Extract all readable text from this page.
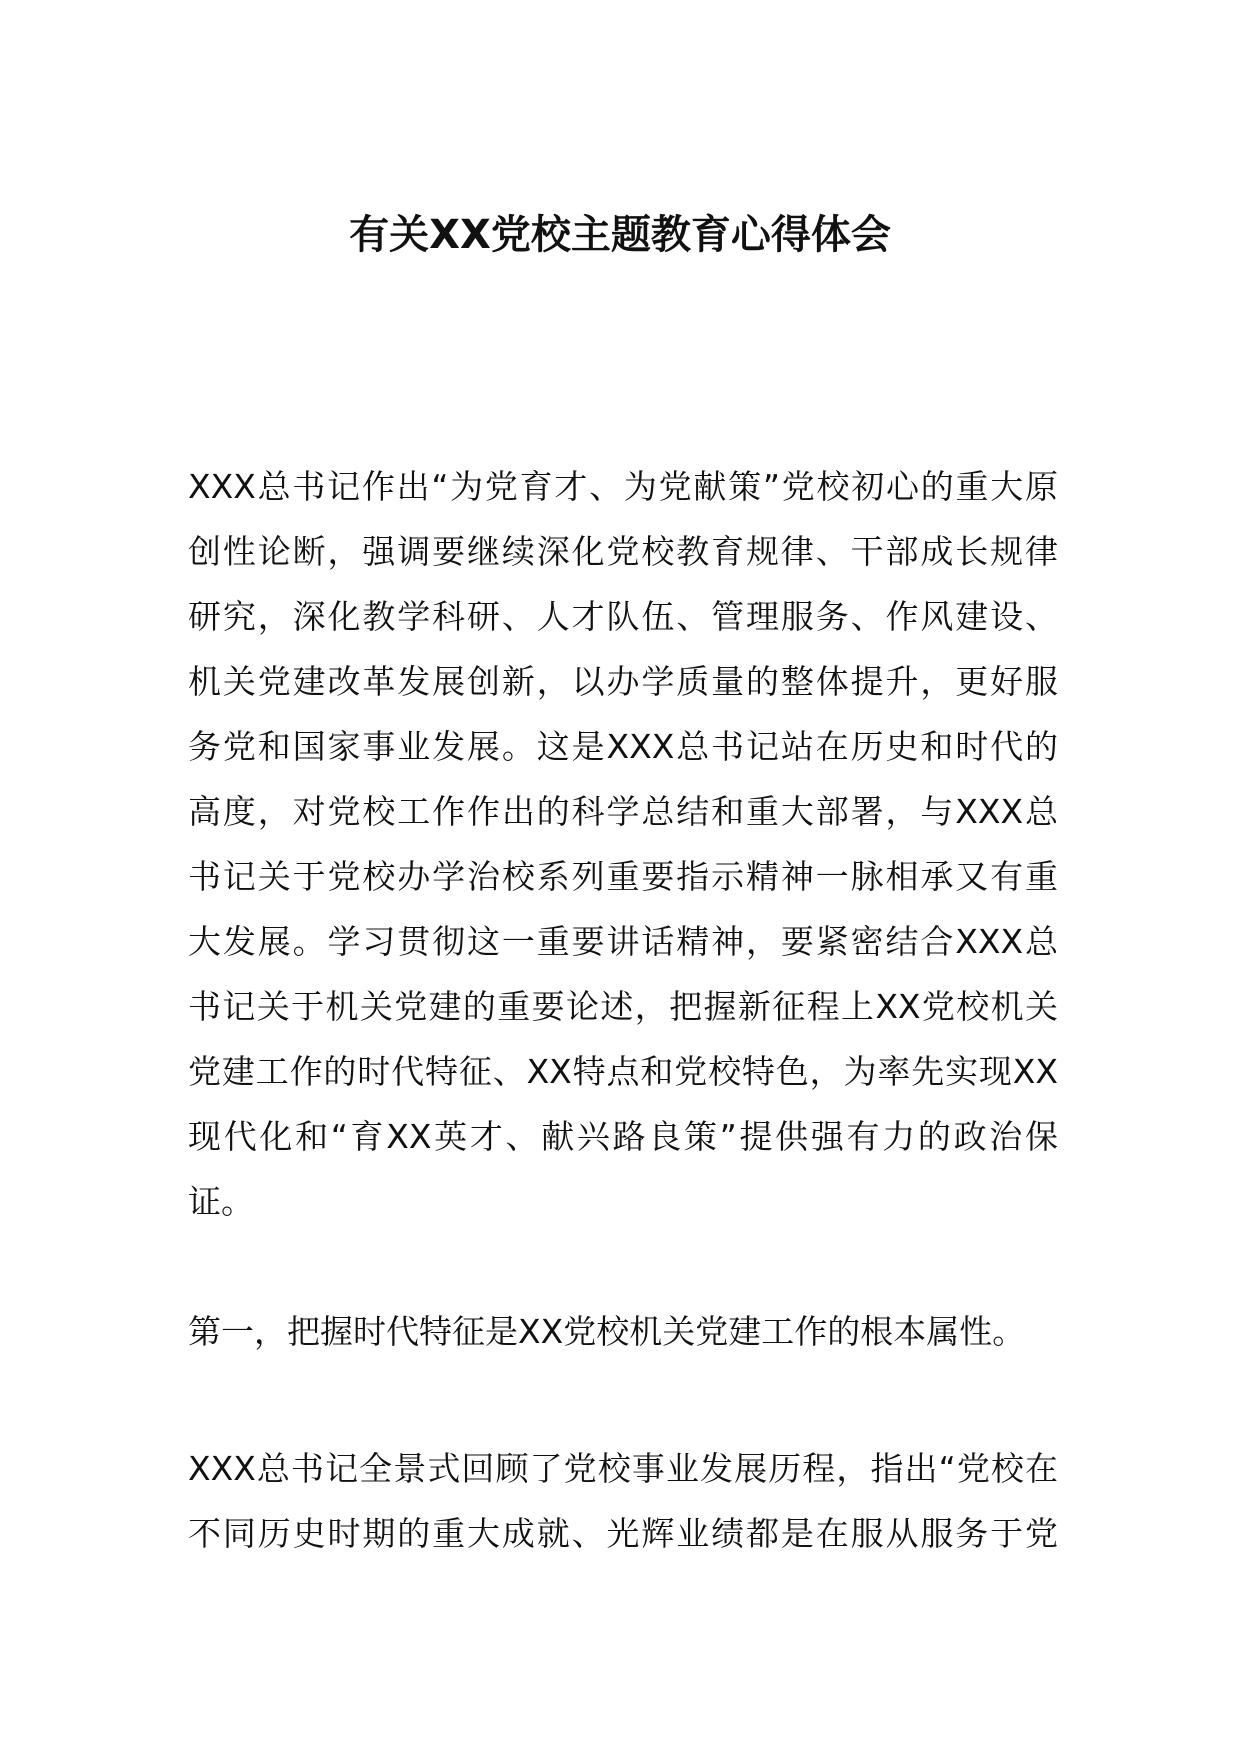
有关XX党校主题教育心得体会
XXX总书记作出“为党育才、为党献策”党校初心的重大原
创性论断，强调要继续深化党校教育规律、干部成长规律
研究，深化教学科研、人才队伍、管理服务、作风建设、
机关党建改革发展创新，以办学质量的整体提升，更好服
务党和国家事业发展。这是XXX总书记站在历史和时代的
高度，对党校工作作出的科学总结和重大部署，与XXX总
书记关于党校办学治校系列重要指示精神一脉相承又有重
大发展。学习贯彻这一重要讲话精神，要紧密结合XXX总
书记关于机关党建的重要论述，把握新征程上XX党校机关
党建工作的时代特征、XX特点和党校特色，为率先实现XX
现代化和“育XX英才、献兴路良策”提供强有力的政治保
证。
第一，把握时代特征是XX党校机关党建工作的根本属性。
XXX总书记全景式回顾了党校事业发展历程，指出“党校在
不同历史时期的重大成就、光辉业绩都是在服从服务于党
